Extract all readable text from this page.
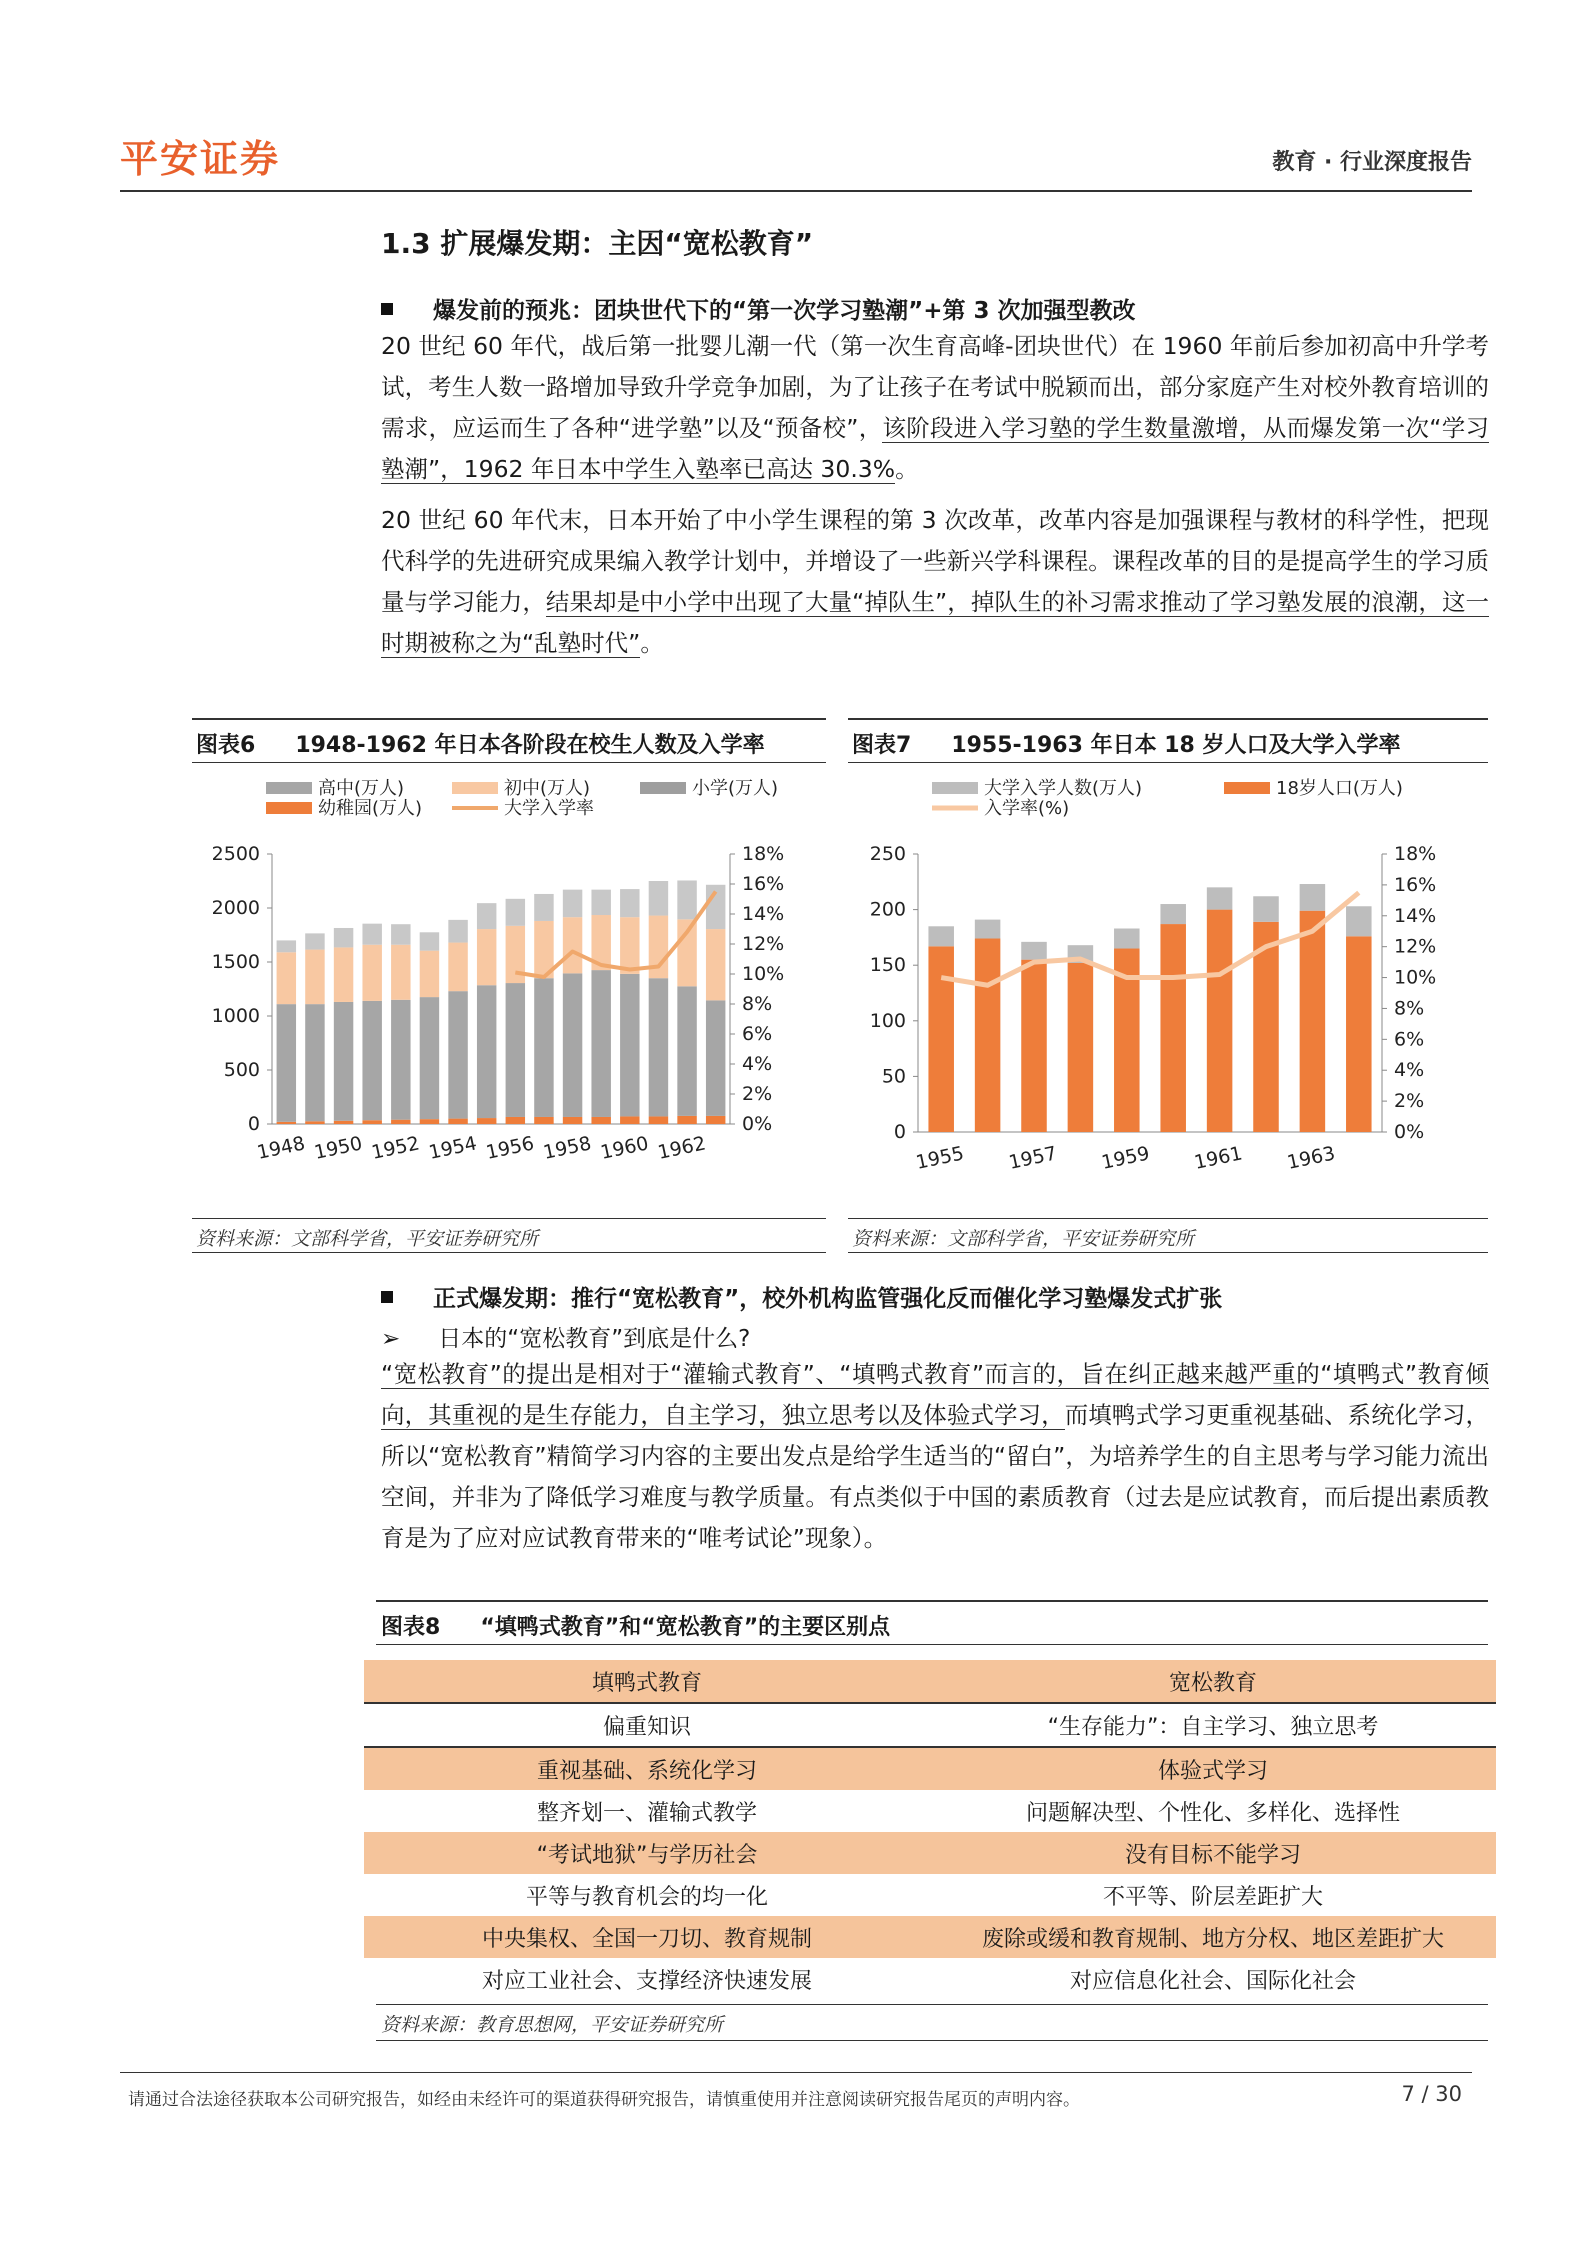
平安证券	教育 · 行业深度报告
1.3 扩展爆发期：主因“宽松教育”
爆发前的预兆：团块世代下的“第一次学习塾潮”+第 3 次加强型教改
20 世纪 60 年代，战后第一批婴儿潮一代（第一次生育高峰-团块世代）在 1960 年前后参加初高中升学考试，考生人数一路增加导致升学竞争加剧，为了让孩子在考试中脱颖而出，部分家庭产生对校外教育培训的需求，应运而生了各种“进学塾”以及“预备校”，该阶段进入学习塾的学生数量激增，从而爆发第一次“学习塾潮”，1962 年日本中学生入塾率已高达 30.3%。
20 世纪 60 年代末，日本开始了中小学生课程的第 3 次改革，改革内容是加强课程与教材的科学性，把现代科学的先进研究成果编入教学计划中，并增设了一些新兴学科课程。课程改革的目的是提高学生的学习质量与学习能力，结果却是中小学中出现了大量“掉队生”，掉队生的补习需求推动了学习塾发展的浪潮，这一时期被称之为“乱塾时代”。
图表6 1948-1962 年日本各阶段在校生人数及入学率
高中(万人)	初中(万人)	小学(万人)
幼稚园(万人)	大学入学率
0
500
1000
1500
2000
2500
0%
2%
4%
6%
8%
10%
12%
14%
16%
18%
1948 1950 1952 1954 1956 1958 1960 1962
资料来源：文部科学省，平安证券研究所
图表7 1955-1963 年日本 18 岁人口及大学入学率
大学入学人数(万人)	18岁人口(万人)
入学率(%)
0
50
100
150
200
250
0%
2%
4%
6%
8%
10%
12%
14%
16%
18%
1955 1957 1959 1961 1963
资料来源：文部科学省，平安证券研究所
正式爆发期：推行“宽松教育”，校外机构监管强化反而催化学习塾爆发式扩张
➢ 日本的“宽松教育”到底是什么?
“宽松教育”的提出是相对于“灌输式教育”、“填鸭式教育”而言的，旨在纠正越来越严重的“填鸭式”教育倾向，其重视的是生存能力，自主学习，独立思考以及体验式学习，而填鸭式学习更重视基础、系统化学习，所以“宽松教育”精简学习内容的主要出发点是给学生适当的“留白”，为培养学生的自主思考与学习能力流出空间，并非为了降低学习难度与教学质量。有点类似于中国的素质教育（过去是应试教育，而后提出素质教育是为了应对应试教育带来的“唯考试论”现象）。
图表8 “填鸭式教育”和“宽松教育”的主要区别点
填鸭式教育	宽松教育
偏重知识	“生存能力”：自主学习、独立思考
重视基础、系统化学习	体验式学习
整齐划一、灌输式教学	问题解决型、个性化、多样化、选择性
“考试地狱”与学历社会	没有目标不能学习
平等与教育机会的均一化	不平等、阶层差距扩大
中央集权、全国一刀切、教育规制	废除或缓和教育规制、地方分权、地区差距扩大
对应工业社会、支撑经济快速发展	对应信息化社会、国际化社会
资料来源：教育思想网，平安证券研究所
请通过合法途径获取本公司研究报告，如经由未经许可的渠道获得研究报告，请慎重使用并注意阅读研究报告尾页的声明内容。	7 / 30
